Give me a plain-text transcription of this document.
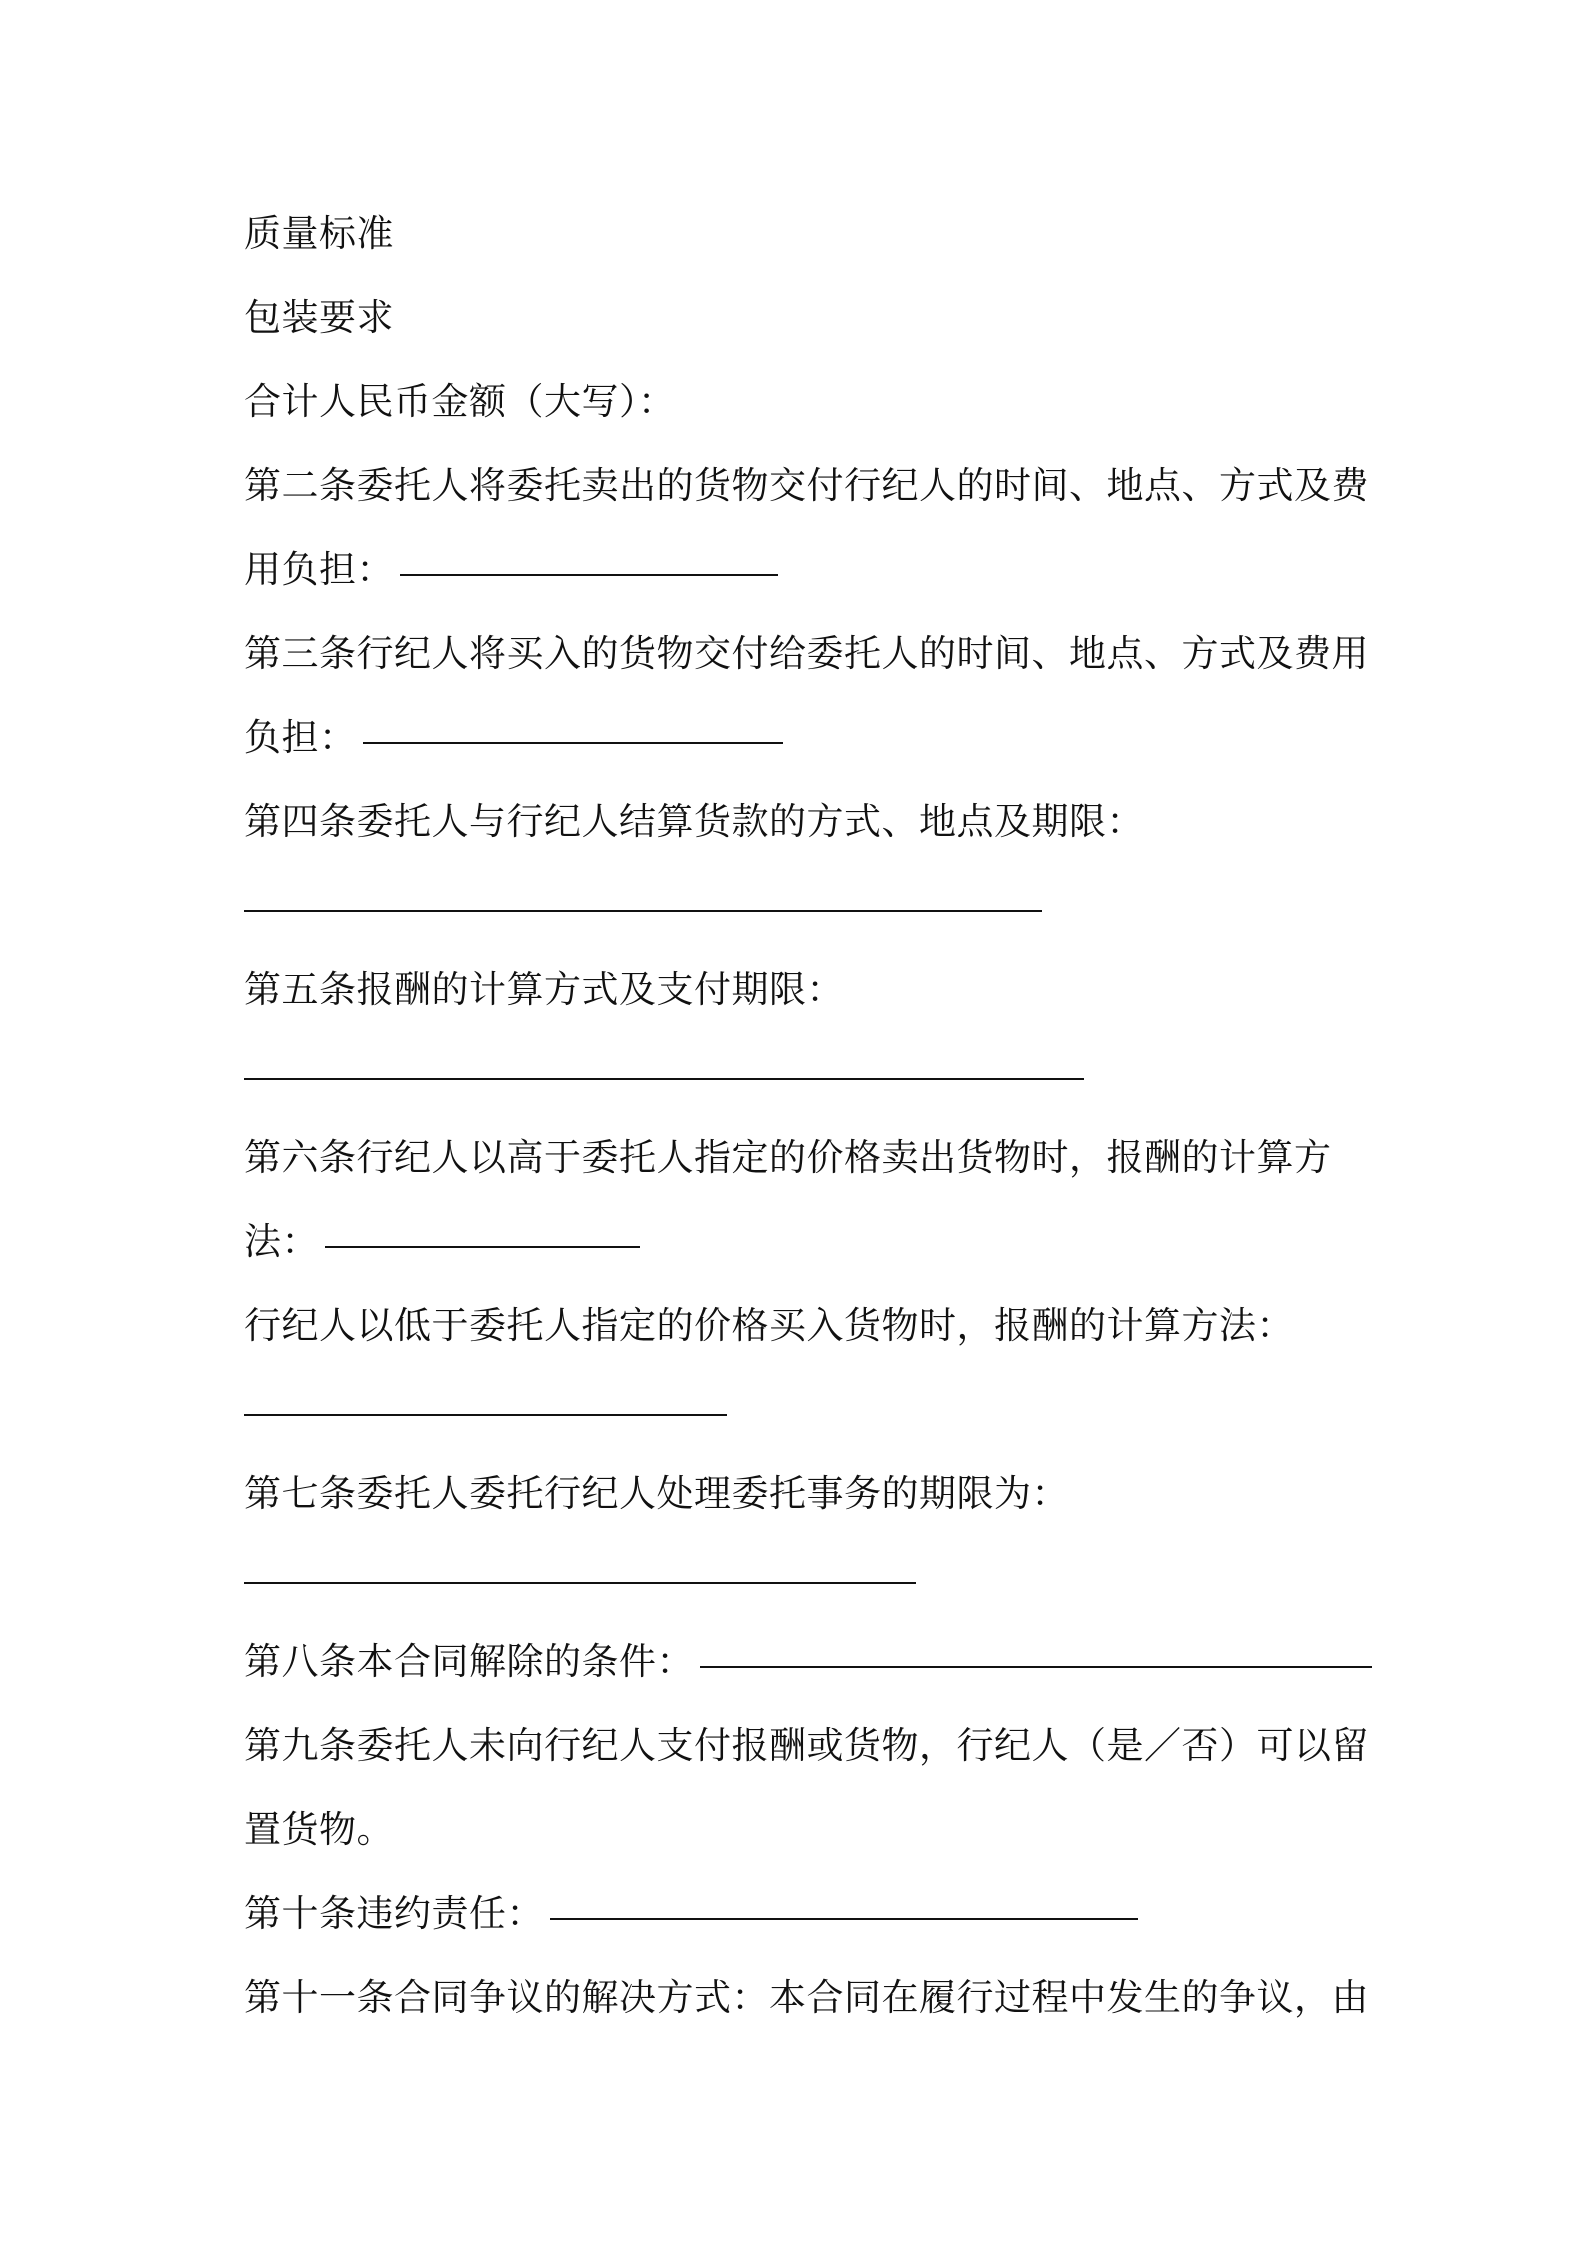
质量标准
包装要求
合计人民币金额（大写）：
第二条委托人将委托卖出的货物交付行纪人的时间、地点、方式及费
用负担：
第三条行纪人将买入的货物交付给委托人的时间、地点、方式及费用
负担：
第四条委托人与行纪人结算货款的方式、地点及期限：
第五条报酬的计算方式及支付期限：
第六条行纪人以高于委托人指定的价格卖出货物时，报酬的计算方
法：
行纪人以低于委托人指定的价格买入货物时，报酬的计算方法：
第七条委托人委托行纪人处理委托事务的期限为：
第八条本合同解除的条件：
第九条委托人未向行纪人支付报酬或货物，行纪人（是／否）可以留
置货物。
第十条违约责任：
第十一条合同争议的解决方式：本合同在履行过程中发生的争议，由
